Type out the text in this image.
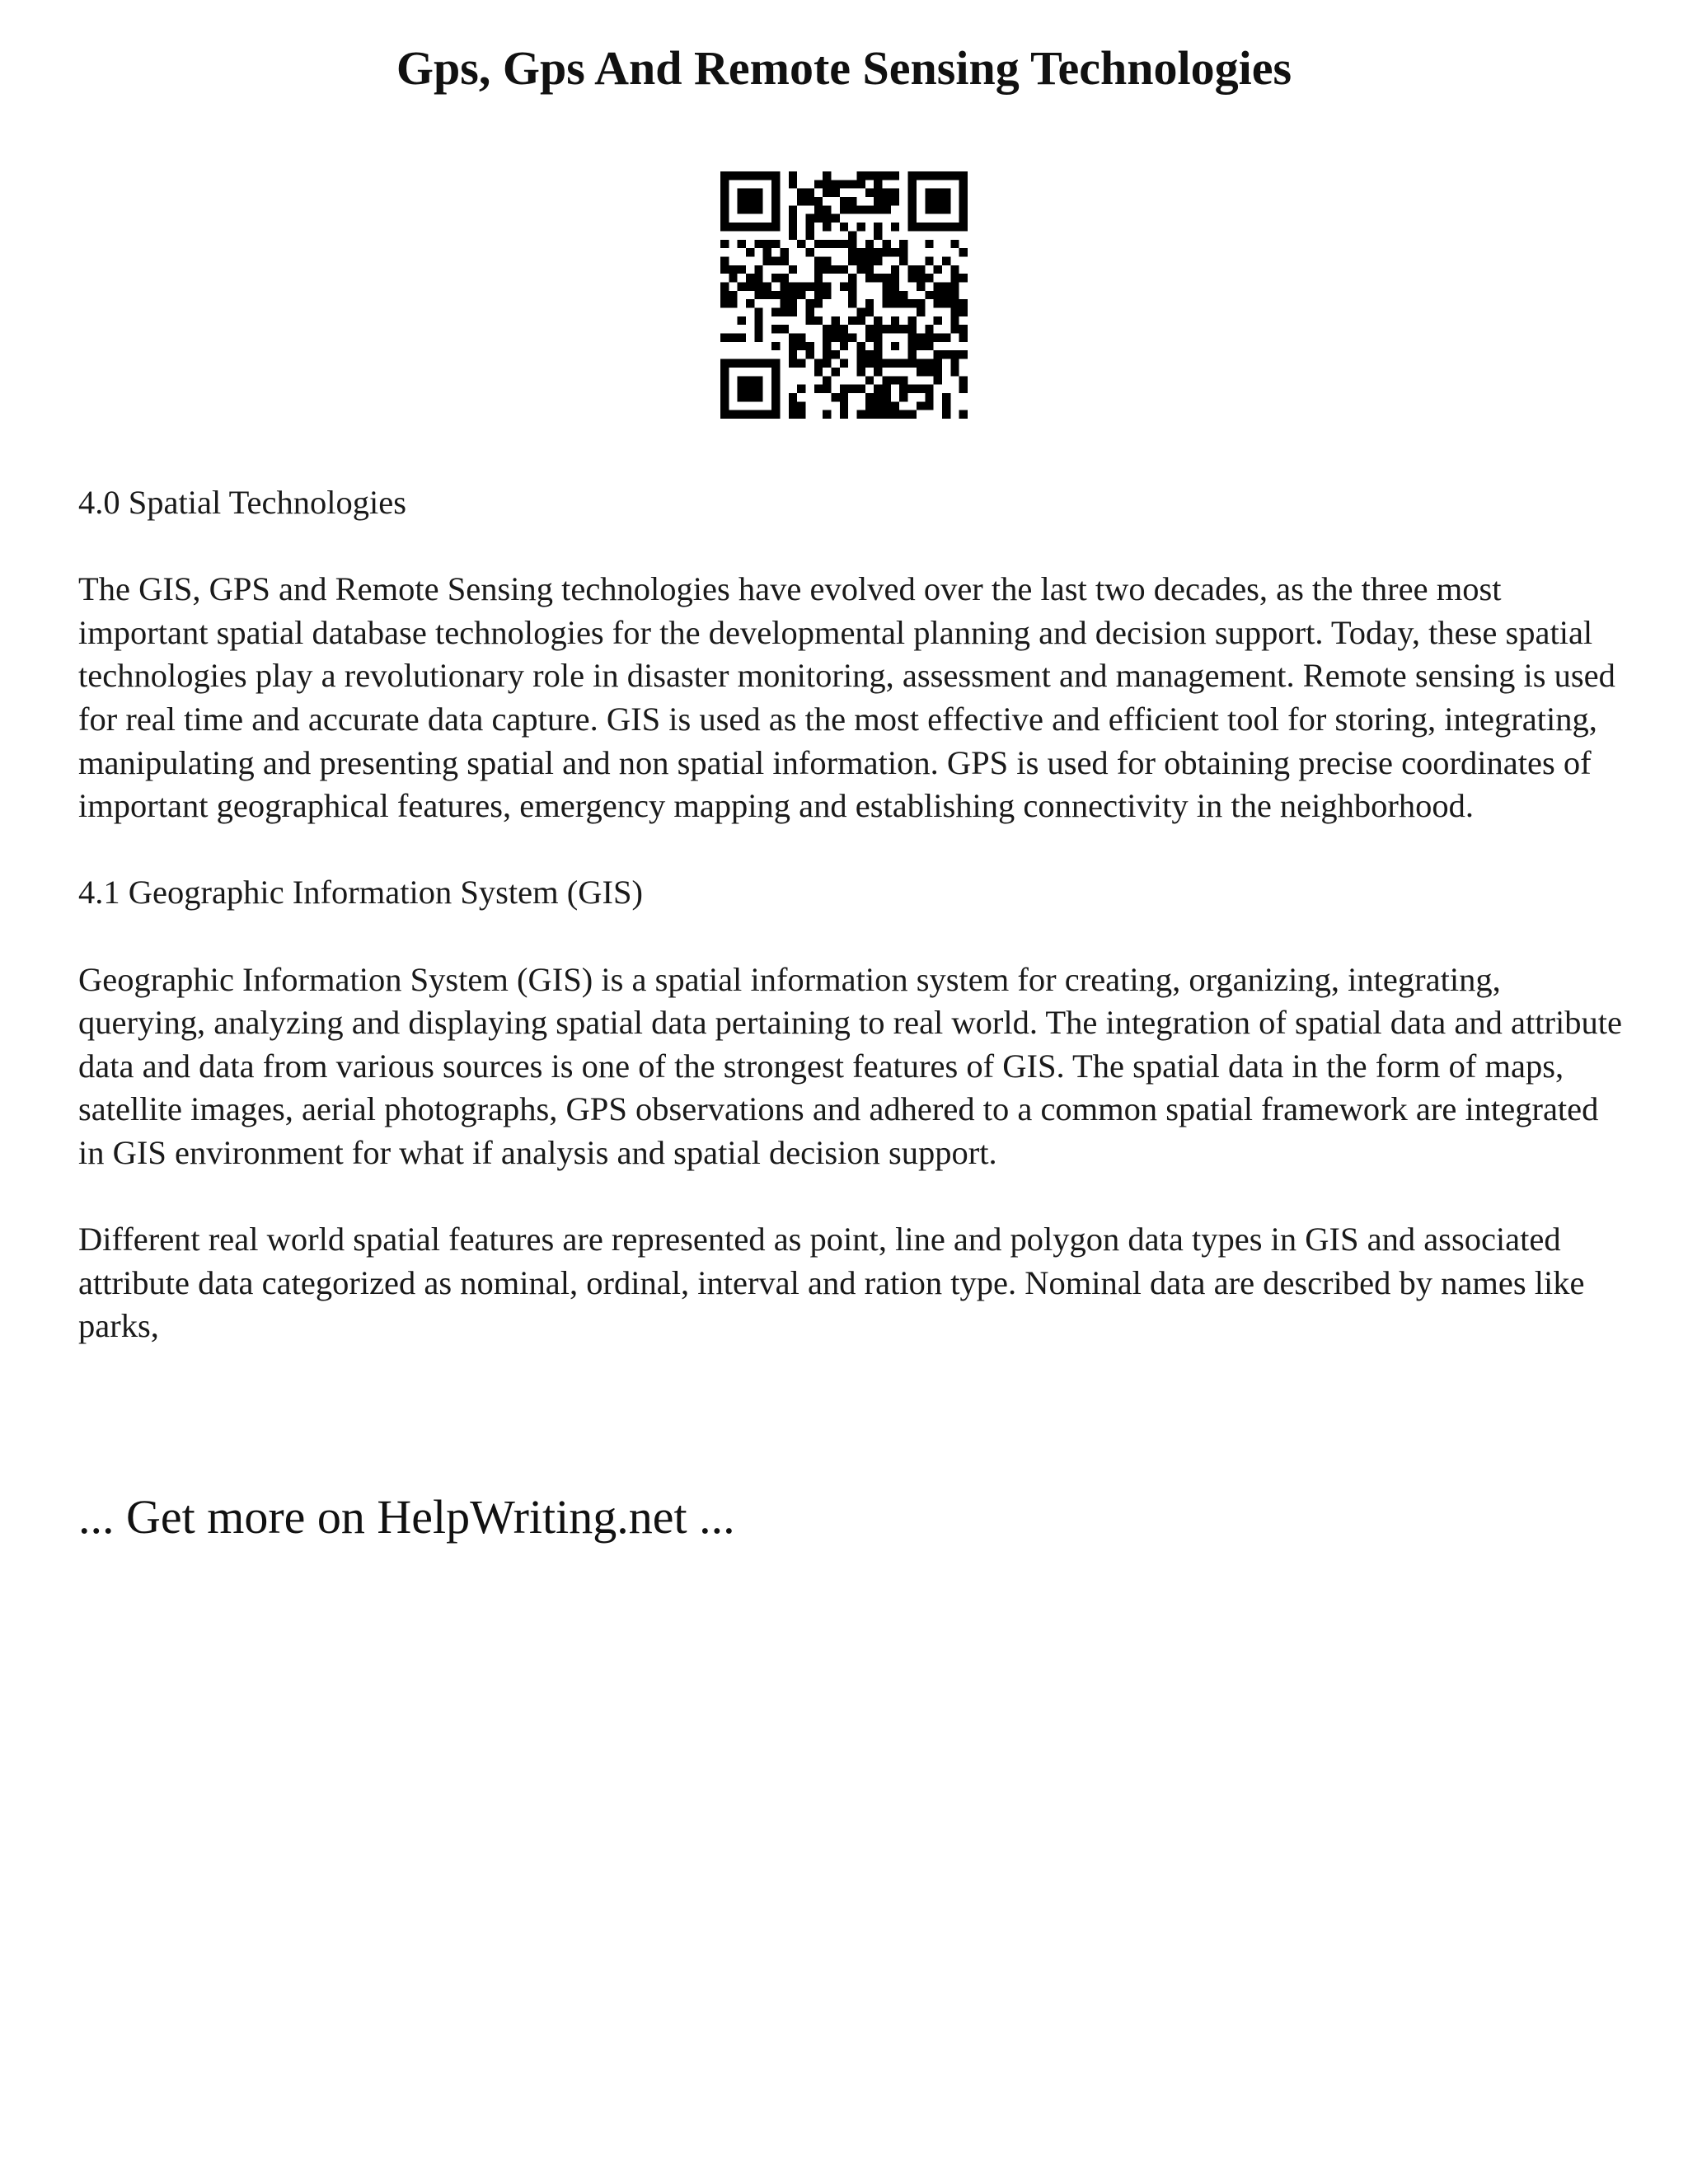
Gps, Gps And Remote Sensing Technologies

4.0 Spatial Technologies

The GIS, GPS and Remote Sensing technologies have evolved over the last two decades, as the three most important spatial database technologies for the developmental planning and decision support. Today, these spatial technologies play a revolutionary role in disaster monitoring, assessment and management. Remote sensing is used for real time and accurate data capture. GIS is used as the most effective and efficient tool for storing, integrating, manipulating and presenting spatial and non spatial information. GPS is used for obtaining precise coordinates of important geographical features, emergency mapping and establishing connectivity in the neighborhood.

4.1 Geographic Information System (GIS)

Geographic Information System (GIS) is a spatial information system for creating, organizing, integrating, querying, analyzing and displaying spatial data pertaining to real world. The integration of spatial data and attribute data and data from various sources is one of the strongest features of GIS. The spatial data in the form of maps, satellite images, aerial photographs, GPS observations and adhered to a common spatial framework are integrated in GIS environment for what if analysis and spatial decision support.

Different real world spatial features are represented as point, line and polygon data types in GIS and associated attribute data categorized as nominal, ordinal, interval and ration type. Nominal data are described by names like parks,

... Get more on HelpWriting.net ...
